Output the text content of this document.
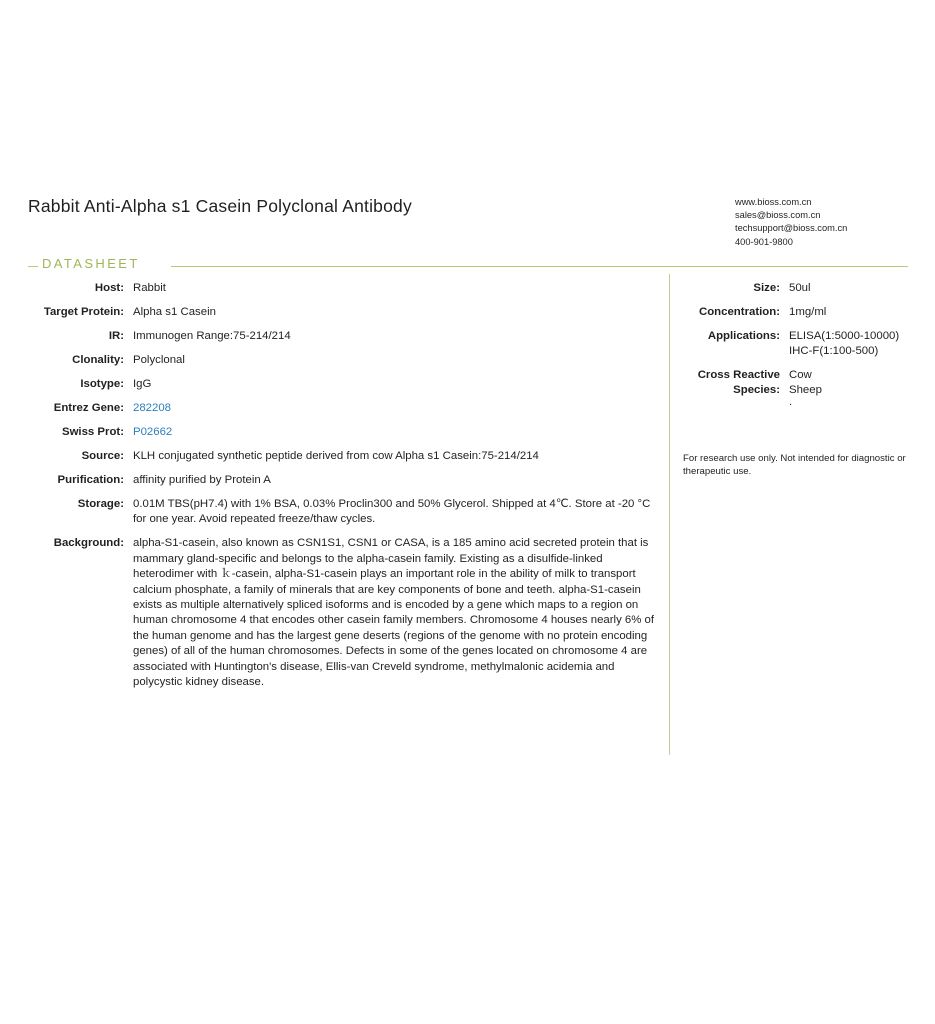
Rabbit Anti-Alpha s1 Casein Polyclonal Antibody	www.bioss.com.cn
sales@bioss.com.cn
techsupport@bioss.com.cn
400-901-9800
DATASHEET
Host: Rabbit
Target Protein: Alpha s1 Casein
IR: Immunogen Range:75-214/214
Clonality: Polyclonal
Isotype: IgG
Entrez Gene: 282208
Swiss Prot: P02662
Source: KLH conjugated synthetic peptide derived from cow Alpha s1 Casein:75-214/214
Purification: affinity purified by Protein A
Storage: 0.01M TBS(pH7.4) with 1% BSA, 0.03% Proclin300 and 50% Glycerol. Shipped at 4℃. Store at -20 °C for one year. Avoid repeated freeze/thaw cycles.
Background: alpha-S1-casein, also known as CSN1S1, CSN1 or CASA, is a 185 amino acid secreted protein that is mammary gland-specific and belongs to the alpha-casein family. Existing as a disulfide-linked heterodimer with ｋ-casein, alpha-S1-casein plays an important role in the ability of milk to transport calcium phosphate, a family of minerals that are key components of bone and teeth. alpha-S1-casein exists as multiple alternatively spliced isoforms and is encoded by a gene which maps to a region on human chromosome 4 that encodes other casein family members. Chromosome 4 houses nearly 6% of the human genome and has the largest gene deserts (regions of the genome with no protein encoding genes) of all of the human chromosomes. Defects in some of the genes located on chromosome 4 are associated with Huntington's disease, Ellis-van Creveld syndrome, methylmalonic acidemia and polycystic kidney disease.
Size: 50ul
Concentration: 1mg/ml
Applications: ELISA(1:5000-10000)
IHC-F(1:100-500)
Cross Reactive
Species:
Cow
Sheep
.
For research use only. Not intended for diagnostic or therapeutic use.
